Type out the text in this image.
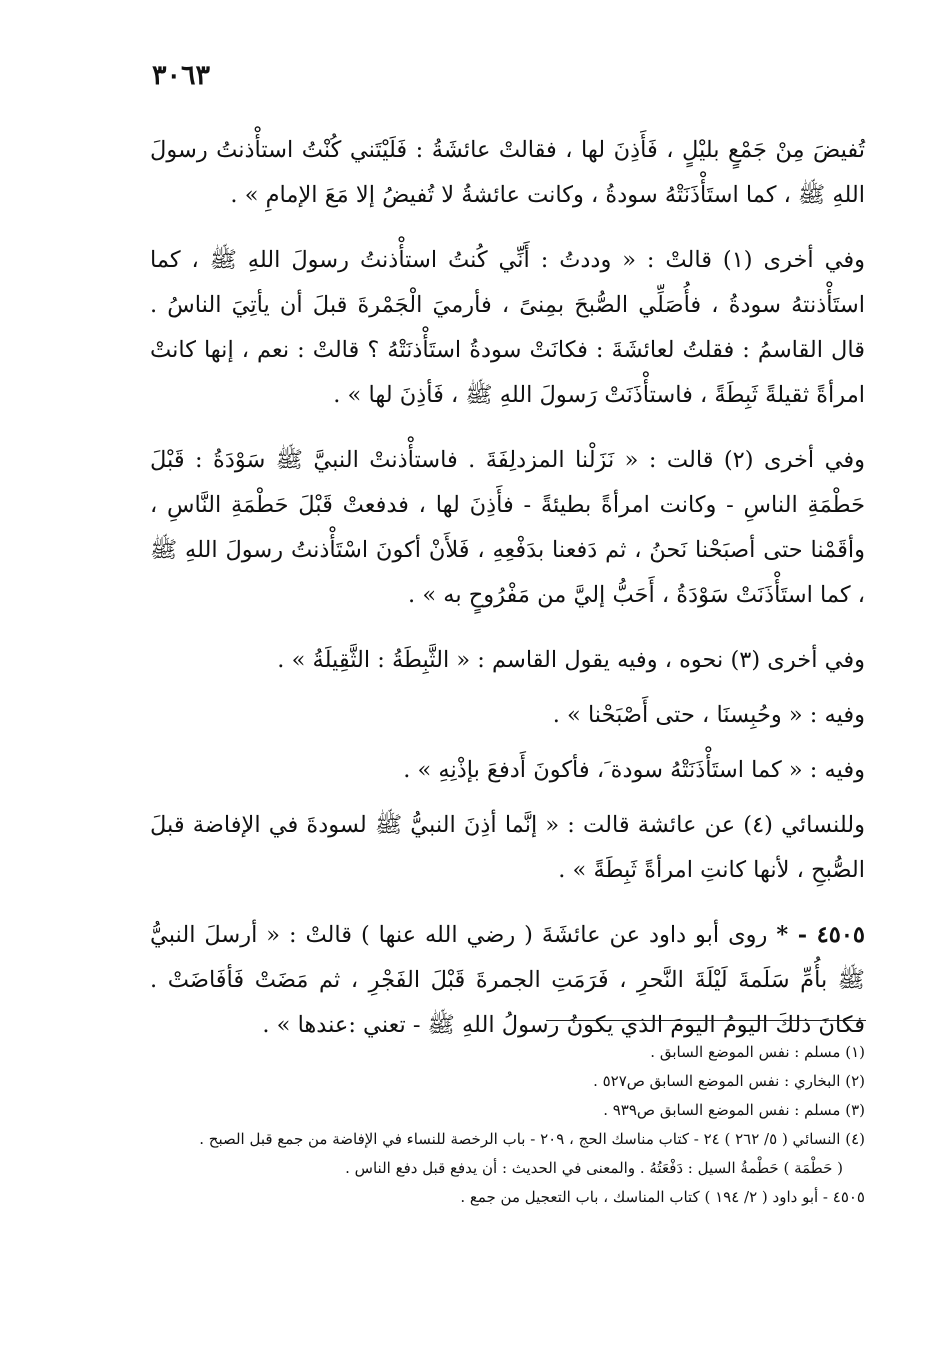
٣٠٦٣

تُفيضَ مِنْ جَمْعٍ بليْلٍ ، فَأَذِنَ لها ، فقالتْ عائشَةُ : فَلَيْتَني كُنْتُ استأْذنتُ رسولَ اللهِ ﷺ ، كما استَأْذَنَتْهُ سودةُ ، وكانت عائشةُ لا تُفيضُ إلا مَعَ الإمامِ » .

وفي أخرى (١) قالتْ : « وددتُ : أَنِّي كُنتُ استأْذنتُ رسولَ اللهِ ﷺ ، كما استَأْذنتهُ سودةُ ، فأُصَلِّي الصُّبحَ بمِنىً ، فأرميَ الْجَمْرةَ قبلَ أن يأتِيَ الناسُ . قال القاسمُ : فقلتُ لعائشَةَ : فكانَتْ سودةُ استَأْذنَتْهُ ؟ قالتْ : نعم ، إنها كانتْ امرأةً ثقيلةً ثَبِطَةً ، فاستأْذَنَتْ رَسولَ اللهِ ﷺ ، فَأذِنَ لها » .

وفي أخرى (٢) قالت : « نَزَلْنا المزدلِفَةَ . فاستأْذنتْ النبيَّ ﷺ سَوْدَةُ : قَبْلَ حَطْمَةِ الناسِ - وكانت امرأةً بطيئةً - فأَذِنَ لها ، فدفعتْ قَبْلَ حَطْمَةِ النَّاسِ ، وأقَمْنا حتى أصبَحْنا نَحنُ ، ثم دَفعنا بدَفْعِهِ ، فَلأَنْ أكونَ اسْتَأْذنتُ رسولَ اللهِ ﷺ ، كما استَأْذَنَتْ سَوْدَةُ ، أَحَبُّ إليَّ من مَفْرُوحٍ به » .

وفي أخرى (٣) نحوه ، وفيه يقول القاسم : « الثَّبِطَةُ : الثَّقِيلَةُ » .

وفيه : « وحُبِسنَا ، حتى أَصْبَحْنا » .

وفيه : « كما استَأْذَنَتْهُ سودة َ، فأكونَ أَدفعَ بإذْنِهِ » .

وللنسائي (٤) عن عائشة قالت : « إنَّما أذِنَ النبيُّ ﷺ لسودةَ في الإفاضة قبلَ الصُّبحِ ، لأنها كانتِ امرأةً ثَبِطَةً » .

٤٥٠٥ - * روى أبو داود عن عائشَةَ ( رضي الله عنها ) قالتْ : « أرسلَ النبيُّ ﷺ بأُمِّ سَلَمةَ لَيْلَةَ النَّحرِ ، فَرَمَتِ الجمرةَ قَبْلَ الفَجْرِ ، ثم مَضَتْ فَأفَاضَتْ . فكانَ ذلكَ اليومُ اليومَ الذي يكونُ رسولُ اللهِ ﷺ - تعني :عندها » .

(١) مسلم : نفس الموضع السابق .

(٢) البخاري : نفس الموضع السابق ص٥٢٧ .

(٣) مسلم : نفس الموضع السابق ص٩٣٩ .

(٤) النسائي ( ٥/ ٢٦٢ ) ٢٤ - كتاب مناسك الحج ، ٢٠٩ - باب الرخصة للنساء في الإفاضة من جمع قبل الصبح .

( حَطْمَة ) حَطْمةُ السيل : دَفْعَتُهُ . والمعنى في الحديث : أن يدفع قبل دفع الناس .

٤٥٠٥ - أبو داود ( ٢/ ١٩٤ ) كتاب المناسك ، باب التعجيل من جمع .
